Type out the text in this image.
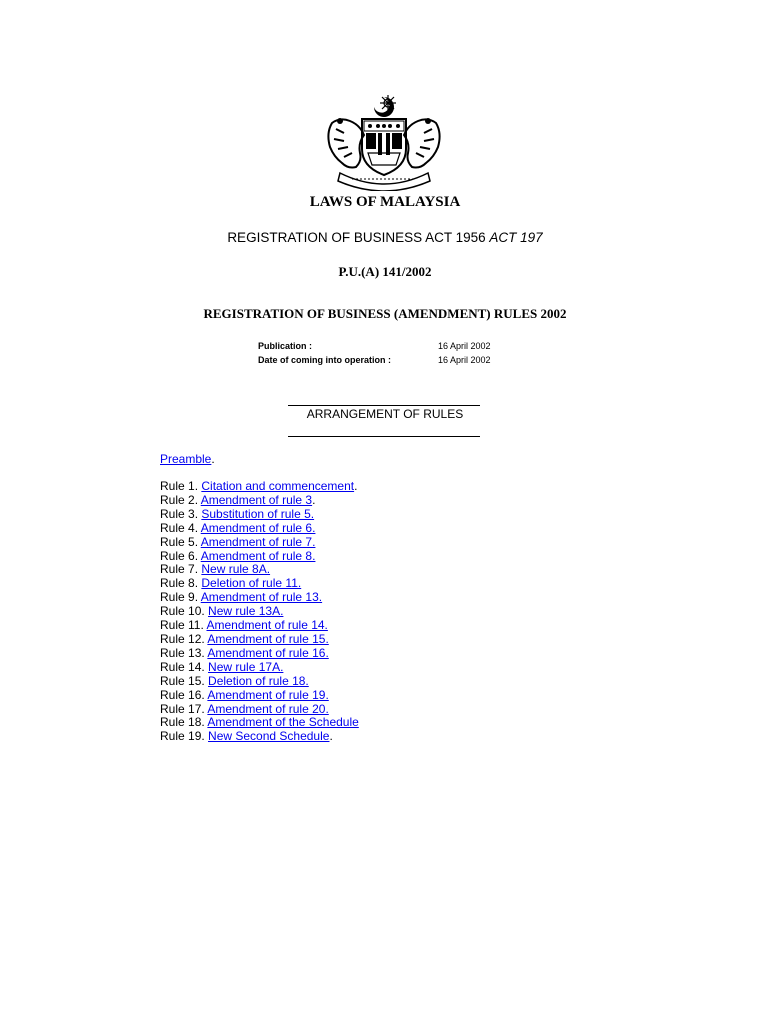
LAWS OF MALAYSIA
REGISTRATION OF BUSINESS ACT 1956 ACT 197
P.U.(A) 141/2002
REGISTRATION OF BUSINESS (AMENDMENT) RULES 2002
Publication :	16 April 2002
Date of coming into operation :	16 April 2002
ARRANGEMENT OF RULES
Preamble.
Rule 1. Citation and commencement.
Rule 2. Amendment of rule 3.
Rule 3. Substitution of rule 5.
Rule 4. Amendment of rule 6.
Rule 5. Amendment of rule 7.
Rule 6. Amendment of rule 8.
Rule 7. New rule 8A.
Rule 8. Deletion of rule 11.
Rule 9. Amendment of rule 13.
Rule 10. New rule 13A.
Rule 11. Amendment of rule 14.
Rule 12. Amendment of rule 15.
Rule 13. Amendment of rule 16.
Rule 14. New rule 17A.
Rule 15. Deletion of rule 18.
Rule 16. Amendment of rule 19.
Rule 17. Amendment of rule 20.
Rule 18. Amendment of the Schedule
Rule 19. New Second Schedule.
